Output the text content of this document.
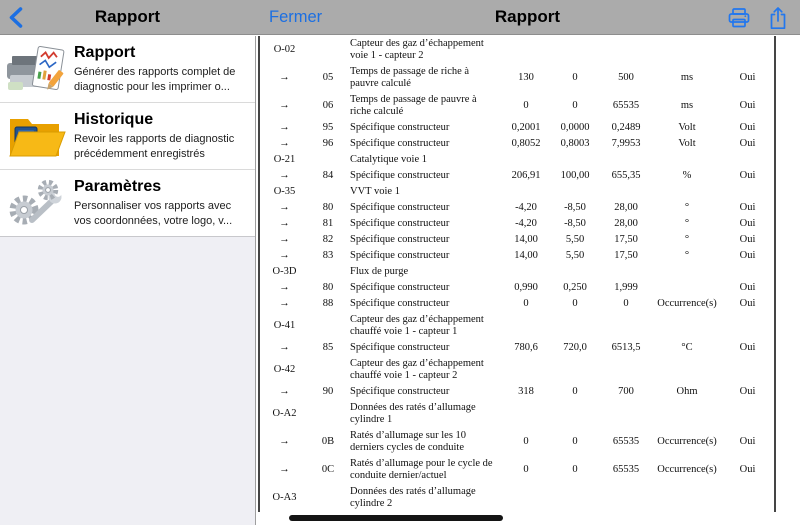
Rapport	Fermer	Rapport
Rapport
Générer des rapports complet de diagnostic pour les imprimer o...
Historique
Revoir les rapports de diagnostic précédemment enregistrés
Paramètres
Personnaliser vos rapports avec vos coordonnées, votre logo, v...
O-02		Capteur des gaz d’échappement voie 1 - capteur 2					
→	05	Temps de passage de riche à pauvre calculé	130	0	500	ms	Oui
→	06	Temps de passage de pauvre à riche calculé	0	0	65535	ms	Oui
→	95	Spécifique constructeur	0,2001	0,0000	0,2489	Volt	Oui
→	96	Spécifique constructeur	0,8052	0,8003	7,9953	Volt	Oui
O-21		Catalytique voie 1					
→	84	Spécifique constructeur	206,91	100,00	655,35	%	Oui
O-35		VVT voie 1					
→	80	Spécifique constructeur	-4,20	-8,50	28,00	°	Oui
→	81	Spécifique constructeur	-4,20	-8,50	28,00	°	Oui
→	82	Spécifique constructeur	14,00	5,50	17,50	°	Oui
→	83	Spécifique constructeur	14,00	5,50	17,50	°	Oui
O-3D		Flux de purge					
→	80	Spécifique constructeur	0,990	0,250	1,999		Oui
→	88	Spécifique constructeur	0	0	0	Occurrence(s)	Oui
O-41		Capteur des gaz d’échappement chauffé voie 1 - capteur 1					
→	85	Spécifique constructeur	780,6	720,0	6513,5	°C	Oui
O-42		Capteur des gaz d’échappement chauffé voie 1 - capteur 2					
→	90	Spécifique constructeur	318	0	700	Ohm	Oui
O-A2		Données des ratés d’allumage cylindre 1					
→	0B	Ratés d’allumage sur les 10 derniers cycles de conduite	0	0	65535	Occurrence(s)	Oui
→	0C	Ratés d’allumage pour le cycle de conduite dernier/actuel	0	0	65535	Occurrence(s)	Oui
O-A3		Données des ratés d’allumage cylindre 2					
